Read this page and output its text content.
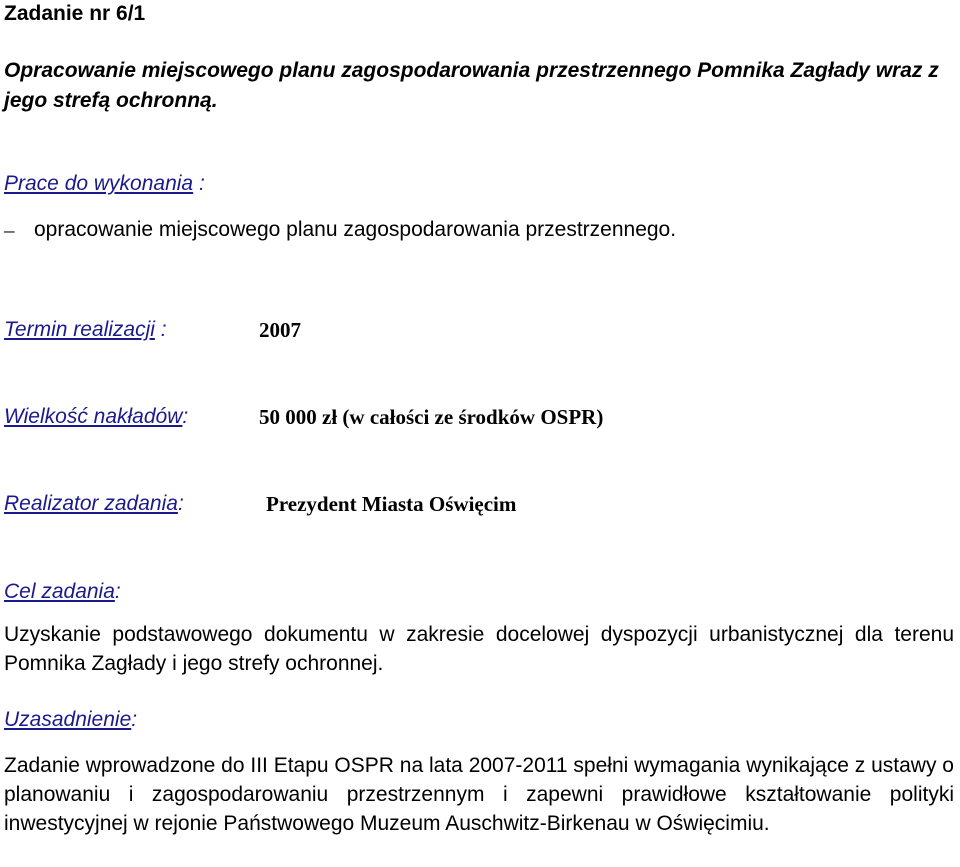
Zadanie nr 6/1
Opracowanie miejscowego planu zagospodarowania przestrzennego Pomnika Zagłady wraz z jego strefą ochronną.
Prace do wykonania :
– opracowanie miejscowego planu zagospodarowania przestrzennego.
Termin realizacji :	2007
Wielkość nakładów:	50 000 zł (w całości ze środków OSPR)
Realizator zadania:	Prezydent Miasta Oświęcim
Cel zadania:
Uzyskanie podstawowego dokumentu w zakresie docelowej dyspozycji urbanistycznej dla terenu Pomnika Zagłady i jego strefy ochronnej.
Uzasadnienie:
Zadanie wprowadzone do III Etapu OSPR na lata 2007-2011 spełni wymagania wynikające z ustawy o planowaniu i zagospodarowaniu przestrzennym i zapewni prawidłowe kształtowanie polityki inwestycyjnej w rejonie Państwowego Muzeum Auschwitz-Birkenau w Oświęcimiu.
